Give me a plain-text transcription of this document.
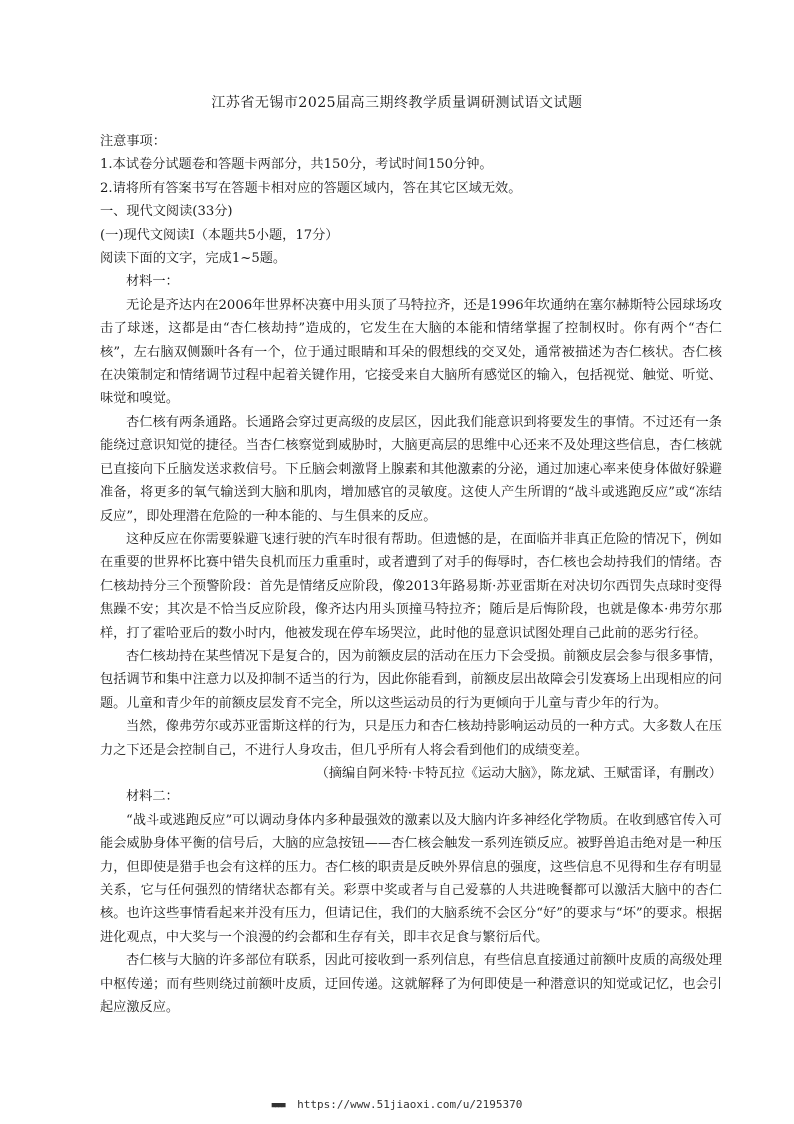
江苏省无锡市2025届高三期终教学质量调研测试语文试题

注意事项：

1.本试卷分试题卷和答题卡两部分，共150分，考试时间150分钟。

2.请将所有答案书写在答题卡相对应的答题区域内，答在其它区域无效。

一、现代文阅读(33分)

(一)现代文阅读Ⅰ（本题共5小题，17分）

阅读下面的文字，完成1~5题。

材料一：

无论是齐达内在2006年世界杯决赛中用头顶了马特拉齐，还是1996年坎通纳在塞尔赫斯特公园球场攻击了球迷，这都是由“杏仁核劫持”造成的，它发生在大脑的本能和情绪掌握了控制权时。你有两个“杏仁核”，左右脑双侧颞叶各有一个，位于通过眼睛和耳朵的假想线的交叉处，通常被描述为杏仁核状。杏仁核在决策制定和情绪调节过程中起着关键作用，它接受来自大脑所有感觉区的输入，包括视觉、触觉、听觉、味觉和嗅觉。

杏仁核有两条通路。长通路会穿过更高级的皮层区，因此我们能意识到将要发生的事情。不过还有一条能绕过意识知觉的捷径。当杏仁核察觉到威胁时，大脑更高层的思维中心还来不及处理这些信息，杏仁核就已直接向下丘脑发送求救信号。下丘脑会刺激肾上腺素和其他激素的分泌，通过加速心率来使身体做好躲避准备，将更多的氧气输送到大脑和肌肉，增加感官的灵敏度。这使人产生所谓的“战斗或逃跑反应”或“冻结反应”，即处理潜在危险的一种本能的、与生俱来的反应。

这种反应在你需要躲避飞速行驶的汽车时很有帮助。但遗憾的是，在面临并非真正危险的情况下，例如在重要的世界杯比赛中错失良机而压力重重时，或者遭到了对手的侮辱时，杏仁核也会劫持我们的情绪。杏仁核劫持分三个预警阶段：首先是情绪反应阶段，像2013年路易斯·苏亚雷斯在对决切尔西罚失点球时变得焦躁不安；其次是不恰当反应阶段，像齐达内用头顶撞马特拉齐；随后是后悔阶段，也就是像本·弗劳尔那样，打了霍哈亚后的数小时内，他被发现在停车场哭泣，此时他的显意识试图处理自己此前的恶劣行径。

杏仁核劫持在某些情况下是复合的，因为前额皮层的活动在压力下会受损。前额皮层会参与很多事情，包括调节和集中注意力以及抑制不适当的行为，因此你能看到，前额皮层出故障会引发赛场上出现相应的问题。儿童和青少年的前额皮层发育不完全，所以这些运动员的行为更倾向于儿童与青少年的行为。

当然，像弗劳尔或苏亚雷斯这样的行为，只是压力和杏仁核劫持影响运动员的一种方式。大多数人在压力之下还是会控制自己，不进行人身攻击，但几乎所有人将会看到他们的成绩变差。

（摘编自阿米特·卡特瓦拉《运动大脑》，陈龙斌、王赋雷译，有删改）

材料二：

“战斗或逃跑反应”可以调动身体内多种最强效的激素以及大脑内许多神经化学物质。在收到感官传入可能会威胁身体平衡的信号后，大脑的应急按钮——杏仁核会触发一系列连锁反应。被野兽追击绝对是一种压力，但即使是猎手也会有这样的压力。杏仁核的职责是反映外界信息的强度，这些信息不见得和生存有明显关系，它与任何强烈的情绪状态都有关。彩票中奖或者与自己爱慕的人共进晚餐都可以激活大脑中的杏仁核。也许这些事情看起来并没有压力，但请记住，我们的大脑系统不会区分“好”的要求与“坏”的要求。根据进化观点，中大奖与一个浪漫的约会都和生存有关，即丰衣足食与繁衍后代。

杏仁核与大脑的许多部位有联系，因此可接收到一系列信息，有些信息直接通过前额叶皮质的高级处理中枢传递；而有些则绕过前额叶皮质，迂回传递。这就解释了为何即使是一种潜意识的知觉或记忆，也会引起应激反应。

■■■■ https://www.51jiaoxi.com/u/2195370
